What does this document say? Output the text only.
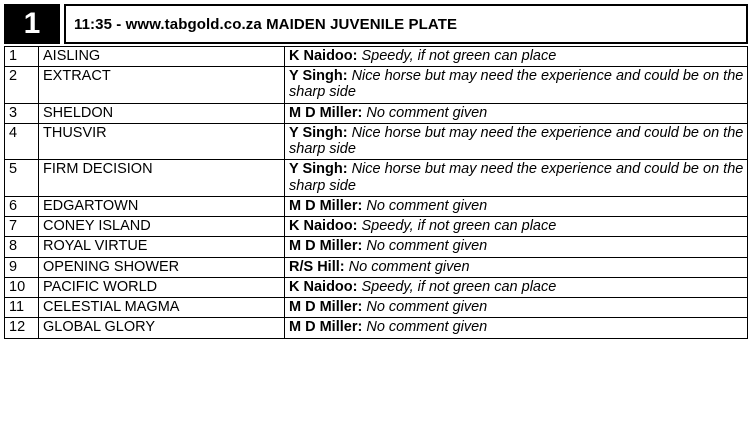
1	11:35 - www.tabgold.co.za MAIDEN JUVENILE PLATE
1	AISLING	K Naidoo: Speedy, if not green can place
2	EXTRACT	Y Singh: Nice horse but may need the experience and could be on the sharp side
3	SHELDON	M D Miller: No comment given
4	THUSVIR	Y Singh: Nice horse but may need the experience and could be on the sharp side
5	FIRM DECISION	Y Singh: Nice horse but may need the experience and could be on the sharp side
6	EDGARTOWN	M D Miller: No comment given
7	CONEY ISLAND	K Naidoo: Speedy, if not green can place
8	ROYAL VIRTUE	M D Miller: No comment given
9	OPENING SHOWER	R/S Hill: No comment given
10	PACIFIC WORLD	K Naidoo: Speedy, if not green can place
11	CELESTIAL MAGMA	M D Miller: No comment given
12	GLOBAL GLORY	M D Miller: No comment given
